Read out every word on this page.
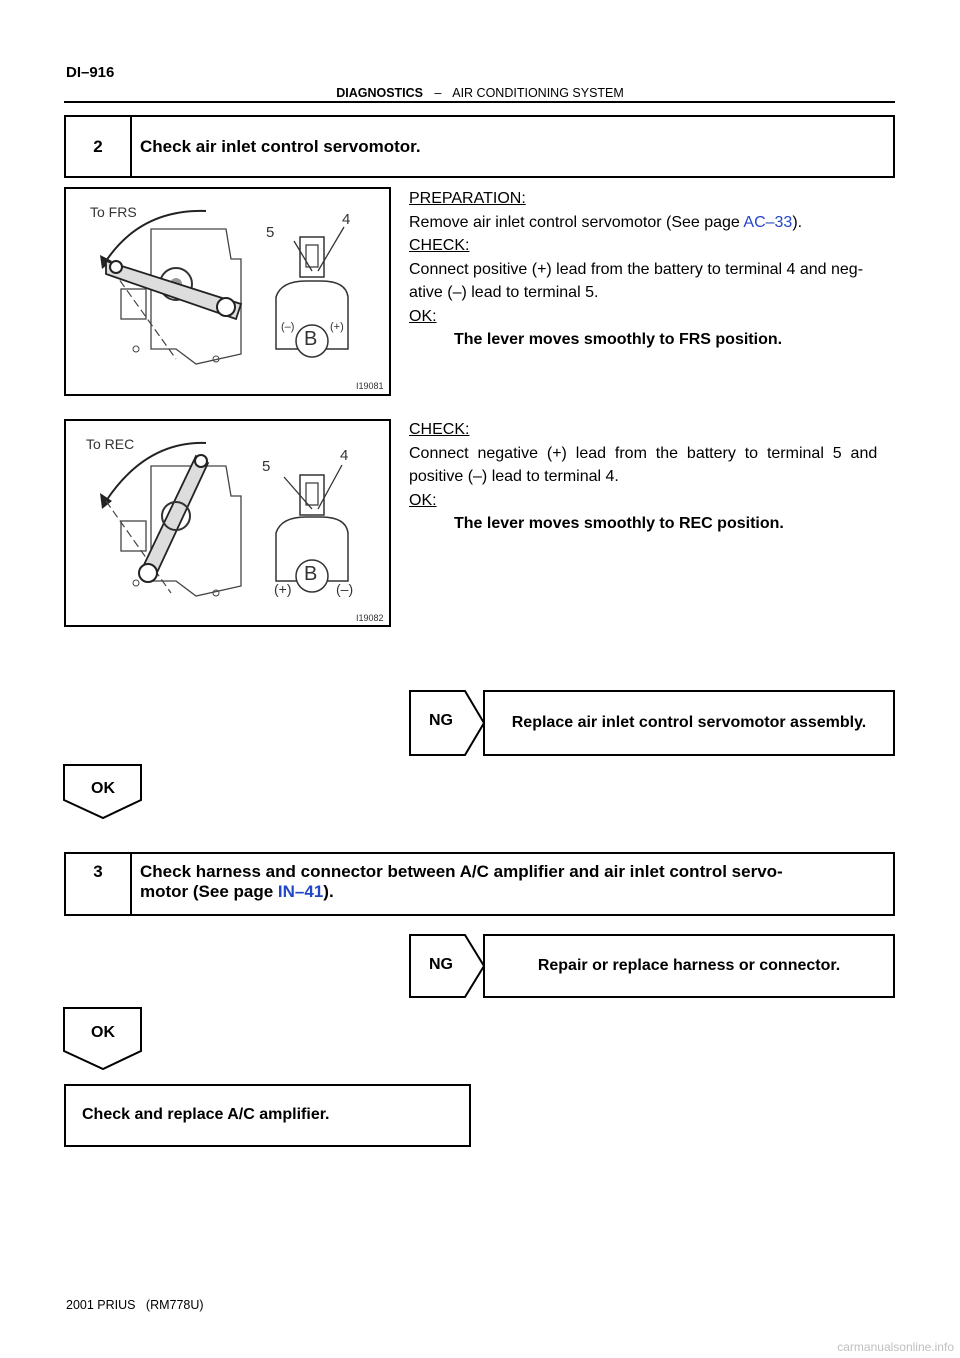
DI–916
DIAGNOSTICS – AIR CONDITIONING SYSTEM
2	Check air inlet control servomotor.
To FRS
5
4
B
(–)	(+)
I19081
PREPARATION:
Remove air inlet control servomotor (See page AC–33).
CHECK:
Connect positive (+) lead from the battery to terminal 4 and neg-
ative (–) lead to terminal 5.
OK:
The lever moves smoothly to FRS position.
To REC
5
4
B
(+)	(–)
I19082
CHECK:
Connect  negative  (+)  lead  from  the  battery  to  terminal  5  and
positive (–) lead to terminal 4.
OK:
The lever moves smoothly to REC position.
NG	Replace air inlet control servomotor assembly.
OK
3	Check harness and connector between A/C amplifier and air inlet control servo-
motor (See page IN–41).
NG	Repair or replace harness or connector.
OK
Check and replace A/C amplifier.
2001 PRIUS   (RM778U)
carmanualsonline.info
